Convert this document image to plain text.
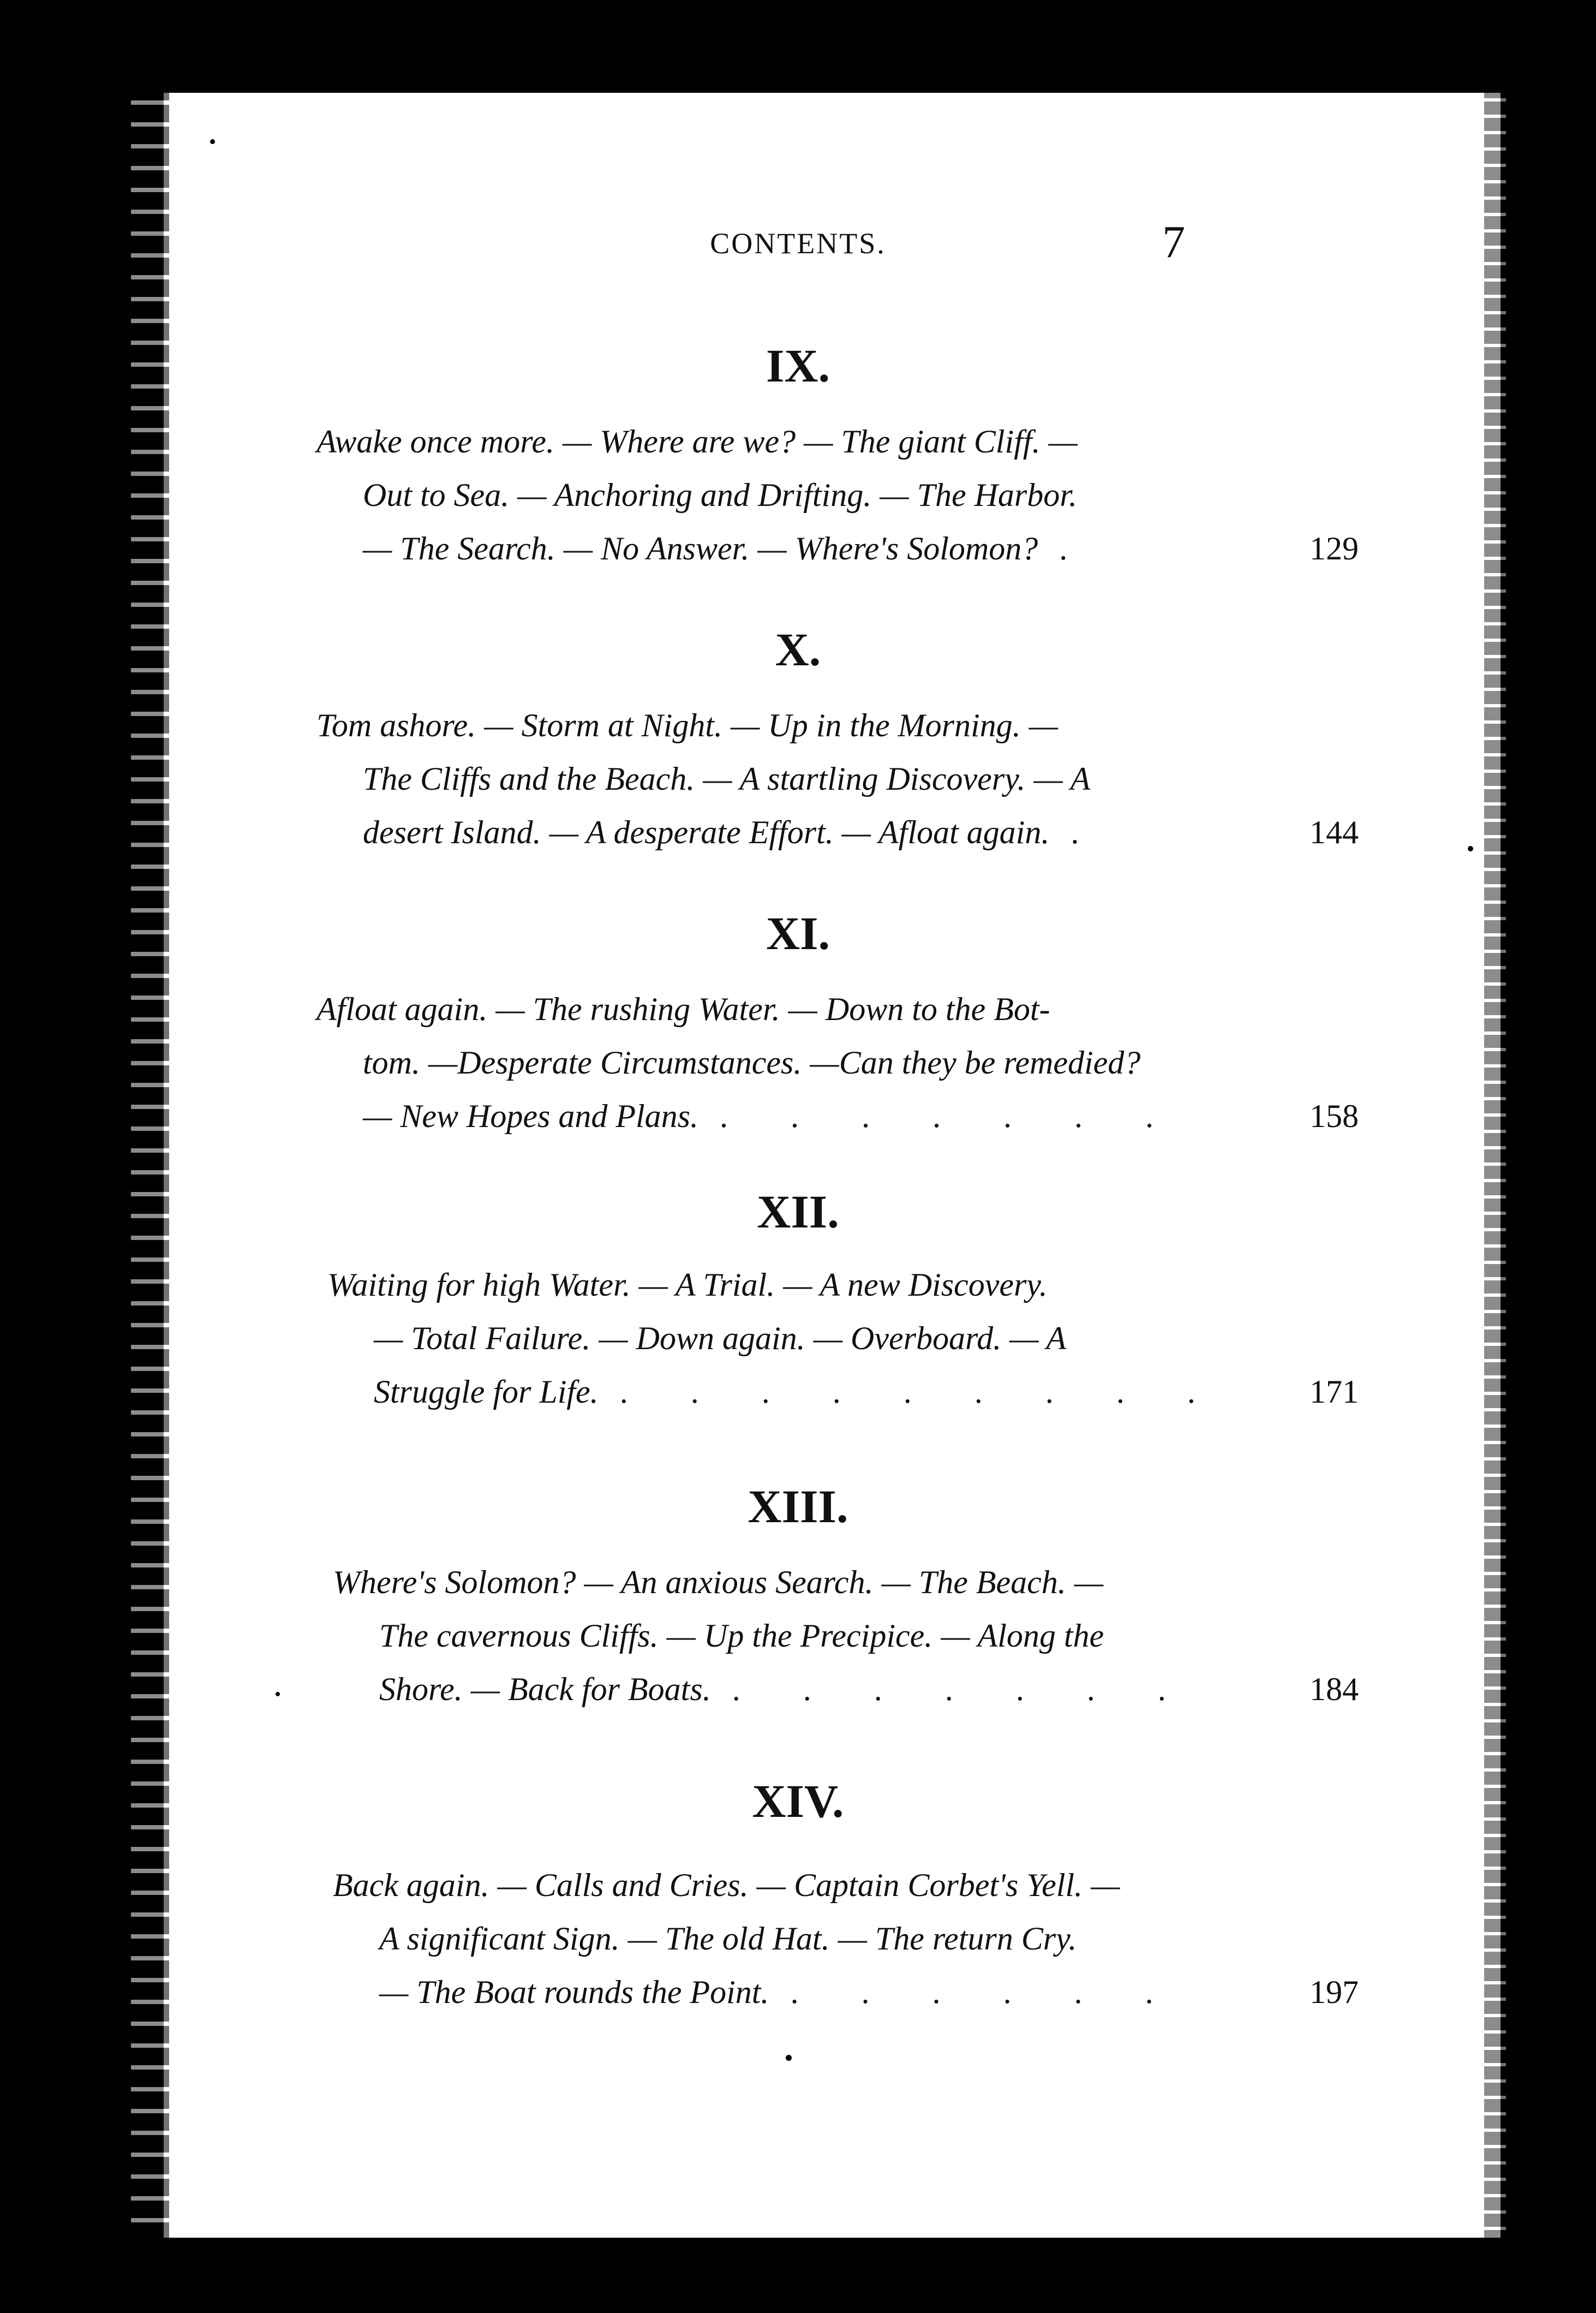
CONTENTS.	7
IX.
Awake once more. — Where are we? — The giant Cliff. —
Out to Sea. — Anchoring and Drifting. — The Harbor.
— The Search. — No Answer. — Where's Solomon? .	129
X.
Tom ashore. — Storm at Night. — Up in the Morning. —
The Cliffs and the Beach. — A startling Discovery. — A
desert Island. — A desperate Effort. — Afloat again. .	144
XI.
Afloat again. — The rushing Water. — Down to the Bot-
tom. —Desperate Circumstances. —Can they be remedied?
— New Hopes and Plans. . . . . . . .	158
XII.
Waiting for high Water. — A Trial. — A new Discovery.
— Total Failure. — Down again. — Overboard. — A
Struggle for Life. . . . . . . . . .	171
XIII.
Where's Solomon? — An anxious Search. — The Beach. —
The cavernous Cliffs. — Up the Precipice. — Along the
Shore. — Back for Boats. . . . . . . .	184
XIV.
Back again. — Calls and Cries. — Captain Corbet's Yell. —
A significant Sign. — The old Hat. — The return Cry.
— The Boat rounds the Point. . . . . . .	197
